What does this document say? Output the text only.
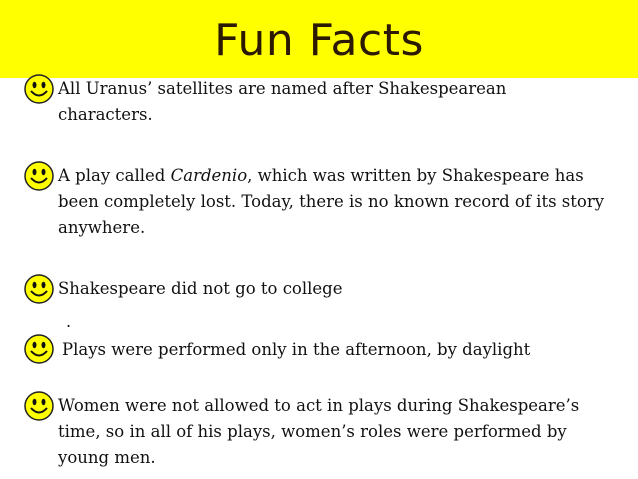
Fun Facts
All Uranus’ satellites are named after Shakespearean characters.
A play called Cardenio, which was written by Shakespeare has been completely lost. Today, there is no known record of its story anywhere.
Shakespeare did not go to college
.
Plays were performed only in the afternoon, by daylight
Women were not allowed to act in plays during Shakespeare’s time, so in all of his plays, women’s roles were performed by young men.
